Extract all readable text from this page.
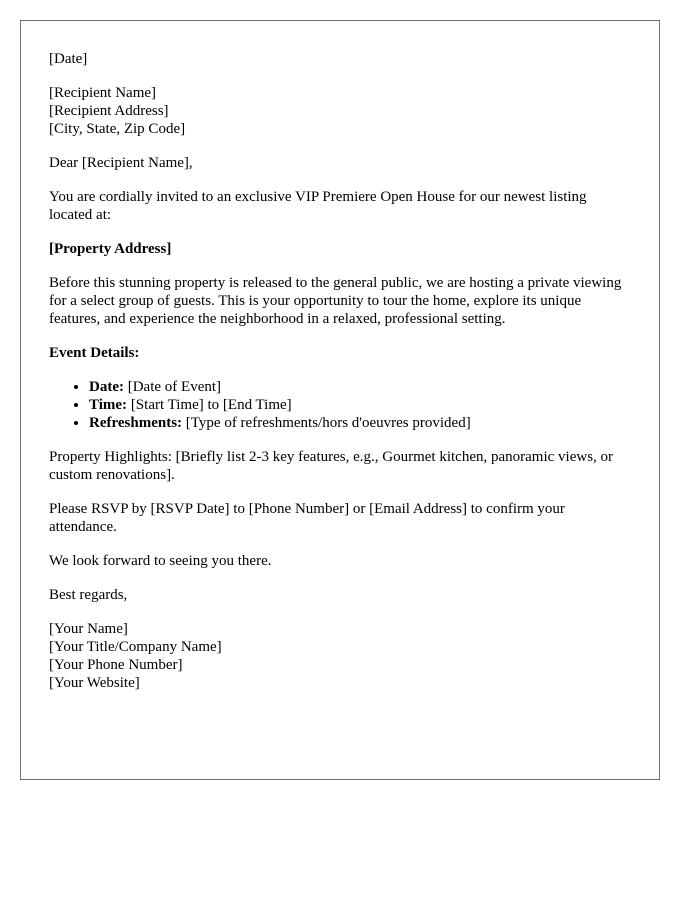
[Date]
[Recipient Name]
[Recipient Address]
[City, State, Zip Code]
Dear [Recipient Name],
You are cordially invited to an exclusive VIP Premiere Open House for our newest listing located at:
[Property Address]
Before this stunning property is released to the general public, we are hosting a private viewing for a select group of guests. This is your opportunity to tour the home, explore its unique features, and experience the neighborhood in a relaxed, professional setting.
Event Details:
• Date: [Date of Event]
• Time: [Start Time] to [End Time]
• Refreshments: [Type of refreshments/hors d'oeuvres provided]
Property Highlights: [Briefly list 2-3 key features, e.g., Gourmet kitchen, panoramic views, or custom renovations].
Please RSVP by [RSVP Date] to [Phone Number] or [Email Address] to confirm your attendance.
We look forward to seeing you there.
Best regards,
[Your Name]
[Your Title/Company Name]
[Your Phone Number]
[Your Website]
